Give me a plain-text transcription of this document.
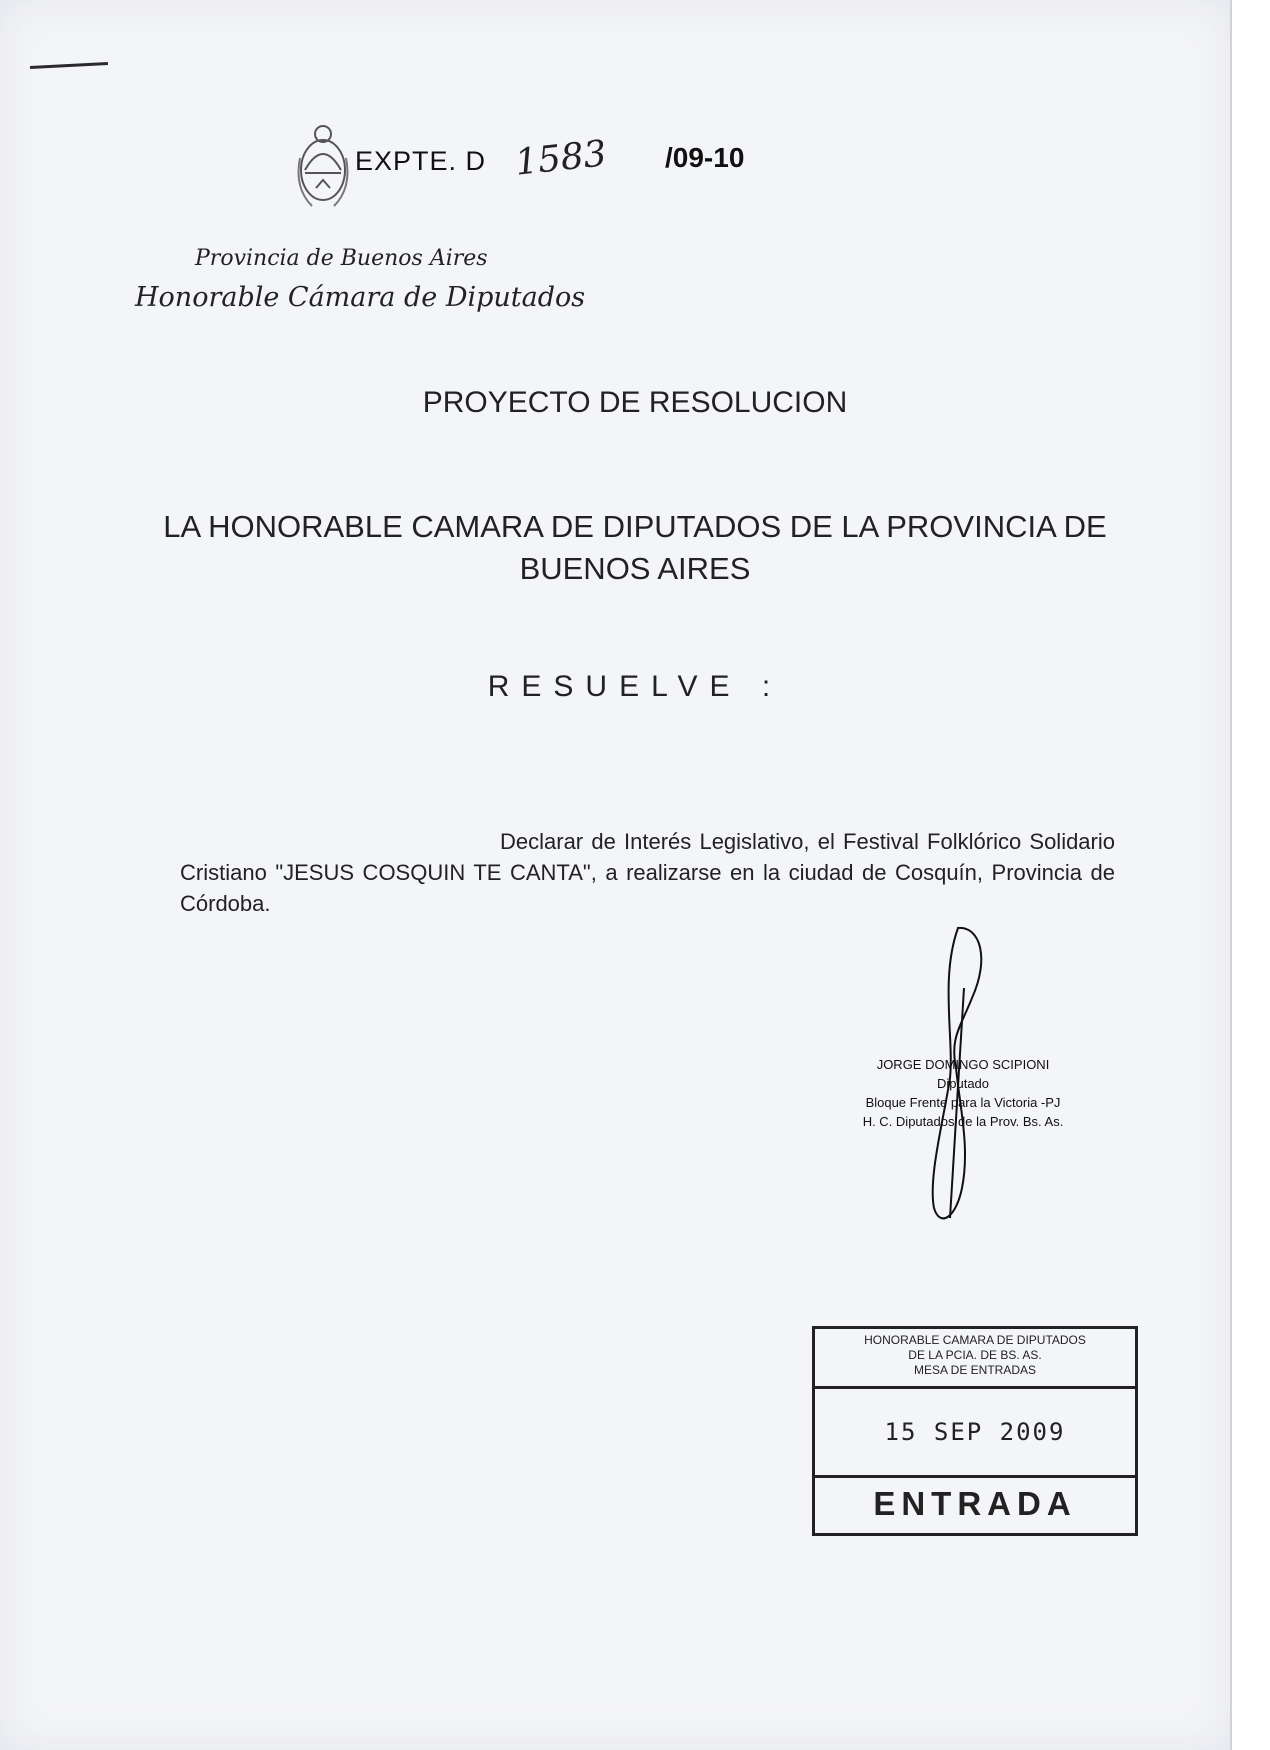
EXPTE. D 1583 /09-10
Provincia de Buenos Aires
Honorable Cámara de Diputados
PROYECTO DE RESOLUCION
LA HONORABLE CAMARA DE DIPUTADOS DE LA PROVINCIA DE BUENOS AIRES
RESUELVE :
Declarar de Interés Legislativo, el Festival Folklórico Solidario Cristiano "JESUS COSQUIN TE CANTA", a realizarse en la ciudad de Cosquín, Provincia de Córdoba.
JORGE DOMINGO SCIPIONI
Diputado
Bloque Frente para la Victoria -PJ
H. C. Diputados de la Prov. Bs. As.
HONORABLE CAMARA DE DIPUTADOS
DE LA PCIA. DE BS. AS.
MESA DE ENTRADAS
15 SEP 2009
ENTRADA
